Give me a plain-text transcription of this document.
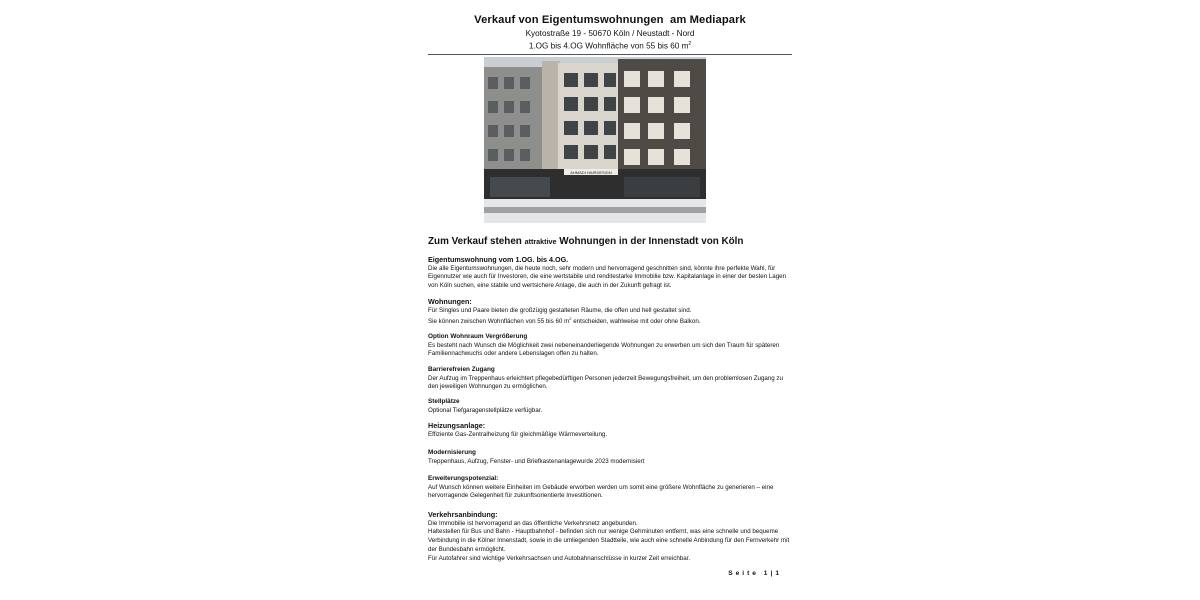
Verkauf von Eigentumswohnungen  am Mediapark
Kyotostraße 19 - 50670 Köln / Neustadt - Nord
1.OG bis 4.OG Wohnfläche von 55 bis 60 $m^2$
AHMADI HAIRDESIGN
Zum Verkauf stehen attraktive Wohnungen in der Innenstadt von Köln
Eigentumswohnung vom 1.OG. bis 4.OG.
Die alle Eigentumswohnungen, die heute noch, sehr modern und hervorragend geschnitten sind, könnte ihre perfekte Wahl, für Eigennutzer wie auch für Investoren, die eine wertstabile und renditestarke Immobilie bzw. Kapitalanlage in einer der besten Lagen von Köln suchen, eine stabile und wertsichere Anlage, die auch in der Zukunft gefragt ist.
Wohnungen:
Für Singles und Paare bieten die großzügig gestalteten Räume, die offen und hell gestaltet sind.
Sie können zwischen Wohnflächen von 55 bis 60 $m^2$ entscheiden, wahlweise mit oder ohne Balkon.
Option Wohnraum Vergrößerung
Es besteht nach Wunsch die Möglichkeit zwei nebeneinanderliegende Wohnungen zu erwerben um sich den Traum für späteren Familiennachwuchs oder andere Lebenslagen offen zu halten.
Barrierefreien Zugang
Der Aufzug im Treppenhaus erleichtert pflegebedürftigen Personen jederzeit Bewegungsfreiheit, um den problemlosen Zugang zu den jeweiligen Wohnungen zu ermöglichen.
Stellplätze
Optional Tiefgaragenstellplätze verfügbar.
Heizungsanlage:
Effiziente Gas-Zentralheizung für gleichmäßige Wärmeverteilung.
Modernisierung
Treppenhaus, Aufzug, Fenster- und Briefkastenanlagewurde 2023 modernisiert
Erweiterungspotenzial:
Auf Wunsch können weitere Einheiten im Gebäude erworben werden um somit eine größere Wohnfläche zu generieren – eine hervorragende Gelegenheit für zukunftsorientierte Investitionen.
Verkehrsanbindung:
Die Immobilie ist hervorragend an das öffentliche Verkehrsnetz angebunden.
Haltestellen für Bus und Bahn - Hauptbahnhof - befinden sich nur wenige Gehminuten entfernt, was eine schnelle und bequeme Verbindung in die Kölner Innenstadt, sowie in die umliegenden Stadtteile, wie auch eine schnelle Anbindung für den Fernverkehr mit der Bundesbahn ermöglicht.
Für Autofahrer sind wichtige Verkehrsachsen und Autobahnanschlüsse in kurzer Zeit erreichbar.
Seite 1|1
